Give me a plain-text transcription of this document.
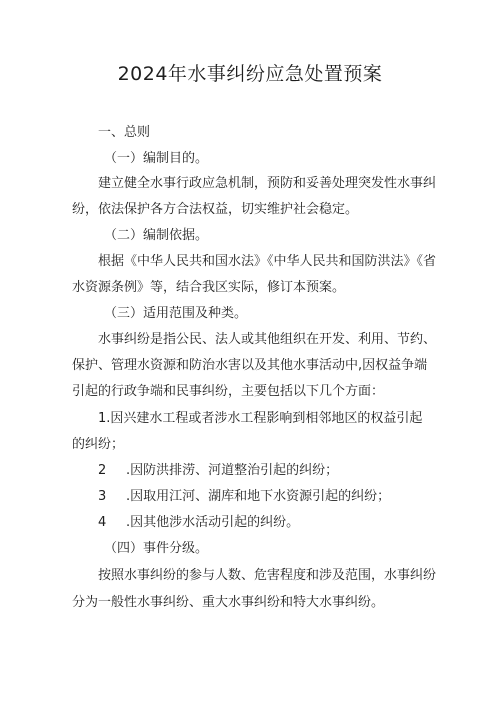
2024年水事纠纷应急处置预案
一、总则
（一）编制目的。
建立健全水事行政应急机制，预防和妥善处理突发性水事纠
纷，依法保护各方合法权益，切实维护社会稳定。
（二）编制依据。
根据《中华人民共和国水法》《中华人民共和国防洪法》《省
水资源条例》等，结合我区实际，修订本预案。
（三）适用范围及种类。
水事纠纷是指公民、法人或其他组织在开发、利用、节约、
保护、管理水资源和防治水害以及其他水事活动中,因权益争端
引起的行政争端和民事纠纷，主要包括以下几个方面：
1.因兴建水工程或者涉水工程影响到相邻地区的权益引起
的纠纷；
2 .因防洪排涝、河道整治引起的纠纷；
3 .因取用江河、湖库和地下水资源引起的纠纷；
4 .因其他涉水活动引起的纠纷。
（四）事件分级。
按照水事纠纷的参与人数、危害程度和涉及范围，水事纠纷
分为一般性水事纠纷、重大水事纠纷和特大水事纠纷。
